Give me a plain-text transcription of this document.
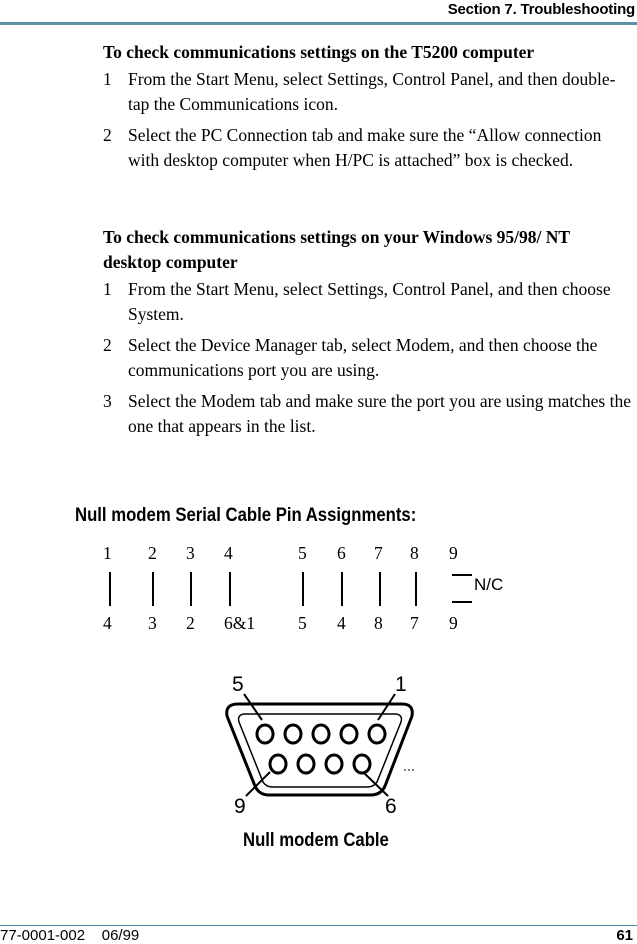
Section 7. Troubleshooting

To check communications settings on the T5200 computer

1 From the Start Menu, select Settings, Control Panel, and then double-tap the Communications icon.

2 Select the PC Connection tab and make sure the “Allow connection with desktop computer when H/PC is attached” box is checked.

To check communications settings on your Windows 95/98/ NT desktop computer

1 From the Start Menu, select Settings, Control Panel, and then choose System.

2 Select the Device Manager tab, select Modem, and then choose the communications port you are using.

3 Select the Modem tab and make sure the port you are using matches the one that appears in the list.

Null modem Serial Cable Pin Assignments:
1 2 3 4	5 6 7 8 9
4 3 2 6&1 5 4 8 7 9
N/C
5	1
9	6
Null modem Cable
77-0001-002    06/99	61
